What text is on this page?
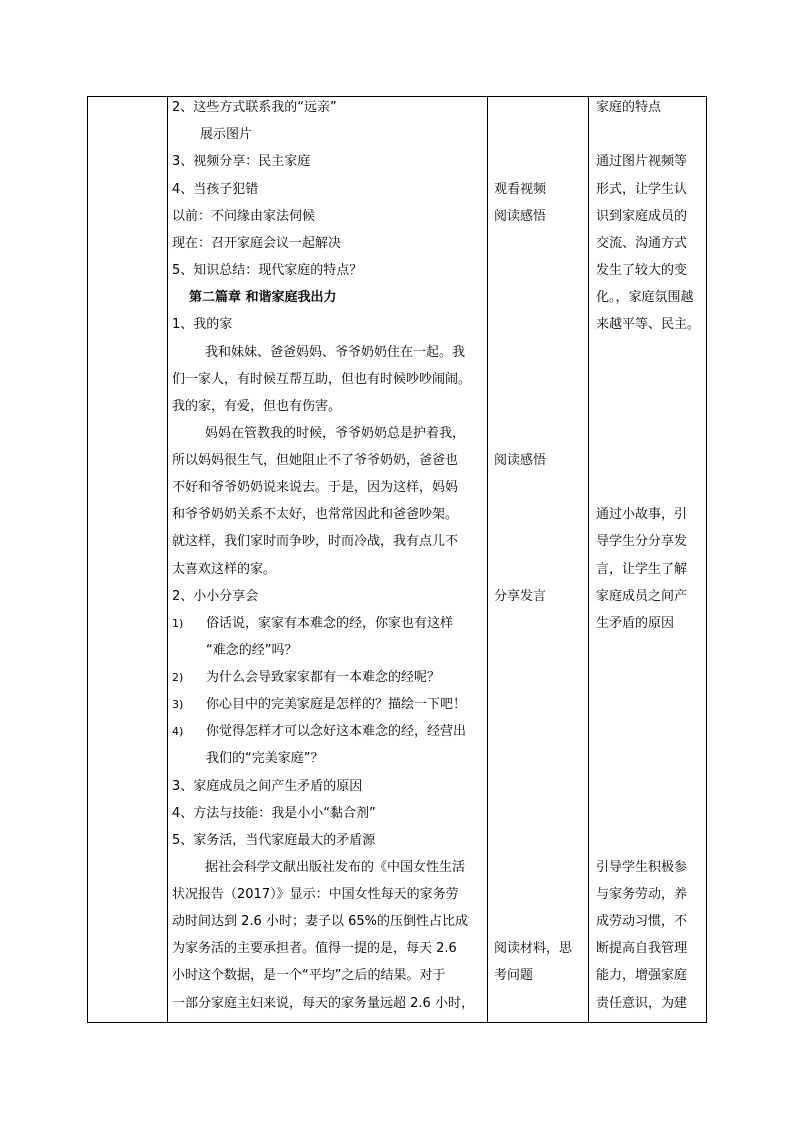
2、这些方式联系我的“远亲”
展示图片
3、视频分享：民主家庭
4、当孩子犯错
以前：不问缘由家法伺候
现在：召开家庭会议一起解决
5、知识总结：现代家庭的特点？
第二篇章 和谐家庭我出力
1、我的家
我和妹妹、爸爸妈妈、爷爷奶奶住在一起。我
们一家人，有时候互帮互助，但也有时候吵吵闹闹。
我的家，有爱，但也有伤害。
妈妈在管教我的时候，爷爷奶奶总是护着我，
所以妈妈很生气，但她阻止不了爷爷奶奶，爸爸也
不好和爷爷奶奶说来说去。于是，因为这样，妈妈
和爷爷奶奶关系不太好，也常常因此和爸爸吵架。
就这样，我们家时而争吵，时而冷战，我有点儿不
太喜欢这样的家。
2、小小分享会
1) 俗话说，家家有本难念的经，你家也有这样
“难念的经”吗？
2) 为什么会导致家家都有一本难念的经呢？
3) 你心目中的完美家庭是怎样的？描绘一下吧！
4) 你觉得怎样才可以念好这本难念的经，经营出
我们的“完美家庭”？
3、家庭成员之间产生矛盾的原因
4、方法与技能：我是小小“黏合剂”
5、家务活，当代家庭最大的矛盾源
据社会科学文献出版社发布的《中国女性生活
状况报告（2017）》显示：中国女性每天的家务劳
动时间达到 2.6 小时；妻子以 65%的压倒性占比成
为家务活的主要承担者。值得一提的是，每天 2.6
小时这个数据，是一个“平均”之后的结果。对于
一部分家庭主妇来说，每天的家务量远超 2.6 小时，
观看视频
阅读感悟
阅读感悟
分享发言
阅读材料，思
考问题
家庭的特点
通过图片视频等
形式，让学生认
识到家庭成员的
交流、沟通方式
发生了较大的变
化。，家庭氛围越
来越平等、民主。
通过小故事，引
导学生分分享发
言，让学生了解
家庭成员之间产
生矛盾的原因
引导学生积极参
与家务劳动，养
成劳动习惯，不
断提高自我管理
能力，增强家庭
责任意识，为建
